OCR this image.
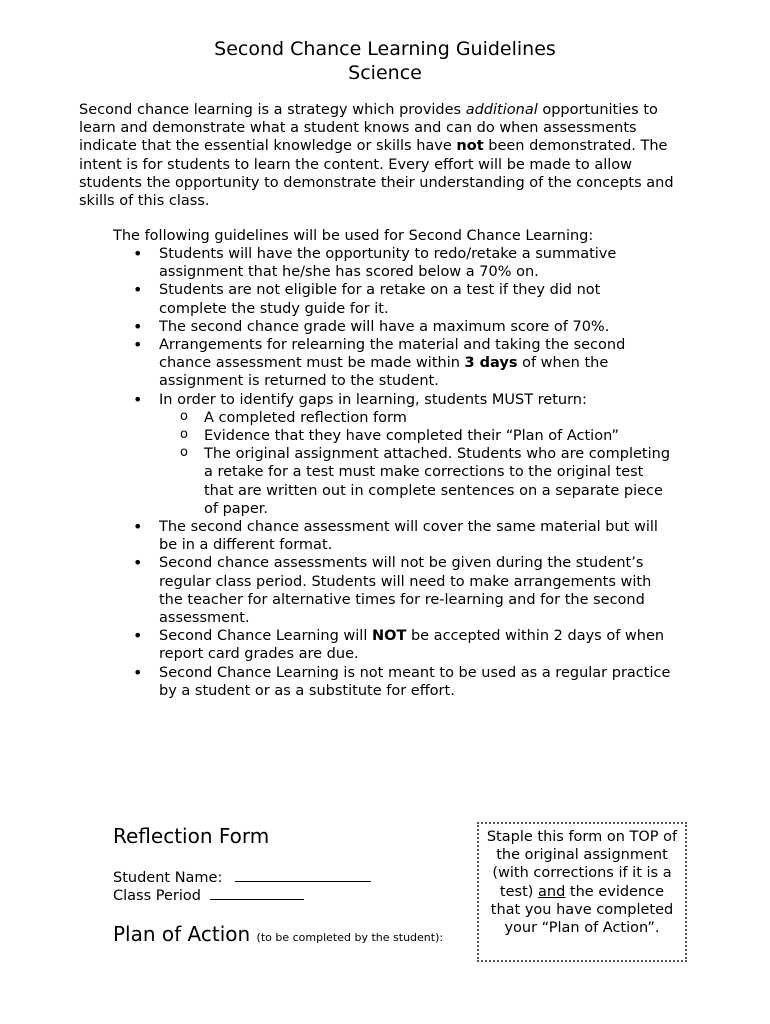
Second Chance Learning Guidelines
Science

Second chance learning is a strategy which provides additional opportunities to learn and demonstrate what a student knows and can do when assessments indicate that the essential knowledge or skills have not been demonstrated. The intent is for students to learn the content. Every effort will be made to allow students the opportunity to demonstrate their understanding of the concepts and skills of this class.

The following guidelines will be used for Second Chance Learning:
• Students will have the opportunity to redo/retake a summative assignment that he/she has scored below a 70% on.
• Students are not eligible for a retake on a test if they did not complete the study guide for it.
• The second chance grade will have a maximum score of 70%.
• Arrangements for relearning the material and taking the second chance assessment must be made within 3 days of when the assignment is returned to the student.
• In order to identify gaps in learning, students MUST return:
o A completed reflection form
o Evidence that they have completed their “Plan of Action”
o The original assignment attached. Students who are completing a retake for a test must make corrections to the original test that are written out in complete sentences on a separate piece of paper.
• The second chance assessment will cover the same material but will be in a different format.
• Second chance assessments will not be given during the student’s regular class period. Students will need to make arrangements with the teacher for alternative times for re-learning and for the second assessment.
• Second Chance Learning will NOT be accepted within 2 days of when report card grades are due.
• Second Chance Learning is not meant to be used as a regular practice by a student or as a substitute for effort.
Reflection Form
Student Name:
Class Period
Plan of Action (to be completed by the student):
Staple this form on TOP of the original assignment (with corrections if it is a test) and the evidence that you have completed your “Plan of Action”.
